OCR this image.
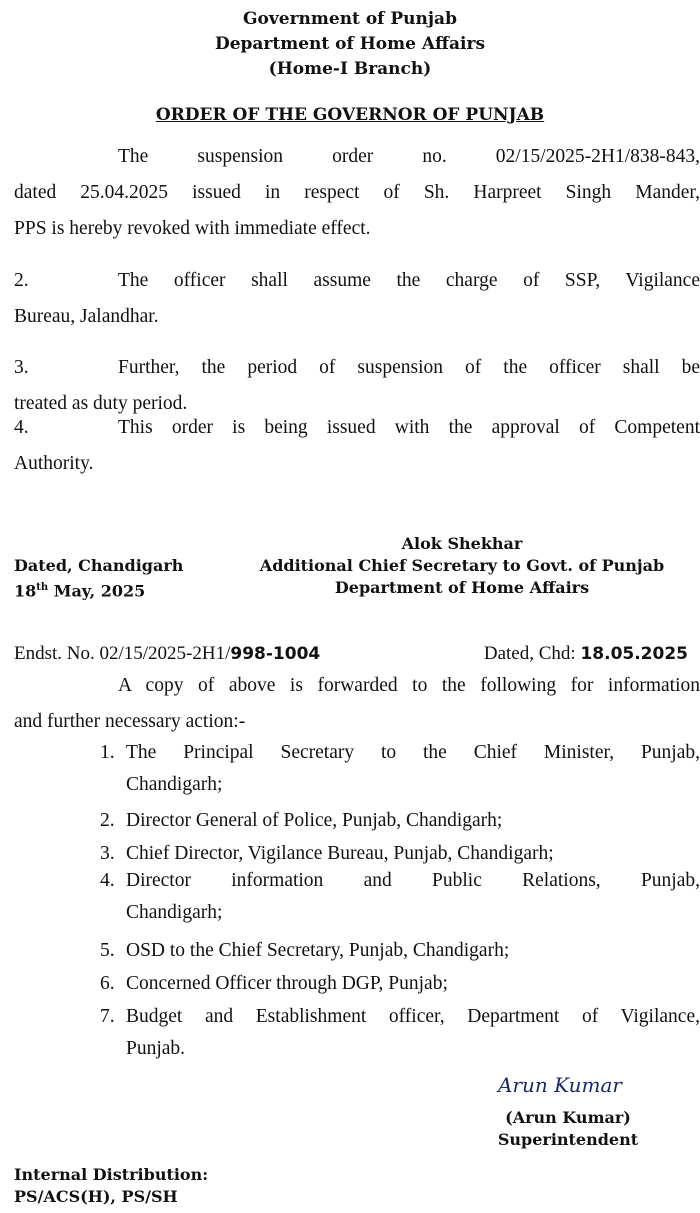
Government of Punjab
Department of Home Affairs
(Home-I Branch)
ORDER OF THE GOVERNOR OF PUNJAB
The suspension order no. 02/15/2025-2H1/838-843,
dated 25.04.2025 issued in respect of Sh. Harpreet Singh Mander,
PPS is hereby revoked with immediate effect.
2.	The officer shall assume the charge of SSP, Vigilance
Bureau, Jalandhar.
3.	Further, the period of suspension of the officer shall be
treated as duty period.
4.	This order is being issued with the approval of Competent
Authority.
Alok Shekhar
Additional Chief Secretary to Govt. of Punjab
Department of Home Affairs
Dated, Chandigarh
18th May, 2025
Endst. No. 02/15/2025-2H1/998-1004	Dated, Chd: 18.05.2025
A copy of above is forwarded to the following for information
and further necessary action:-
1. The Principal Secretary to the Chief Minister, Punjab,
Chandigarh;
2. Director General of Police, Punjab, Chandigarh;
3. Chief Director, Vigilance Bureau, Punjab, Chandigarh;
4. Director information and Public Relations, Punjab,
Chandigarh;
5. OSD to the Chief Secretary, Punjab, Chandigarh;
6. Concerned Officer through DGP, Punjab;
7. Budget and Establishment officer, Department of Vigilance,
Punjab.
Arun Kumar
(Arun Kumar)
Superintendent
Internal Distribution:
PS/ACS(H), PS/SH
